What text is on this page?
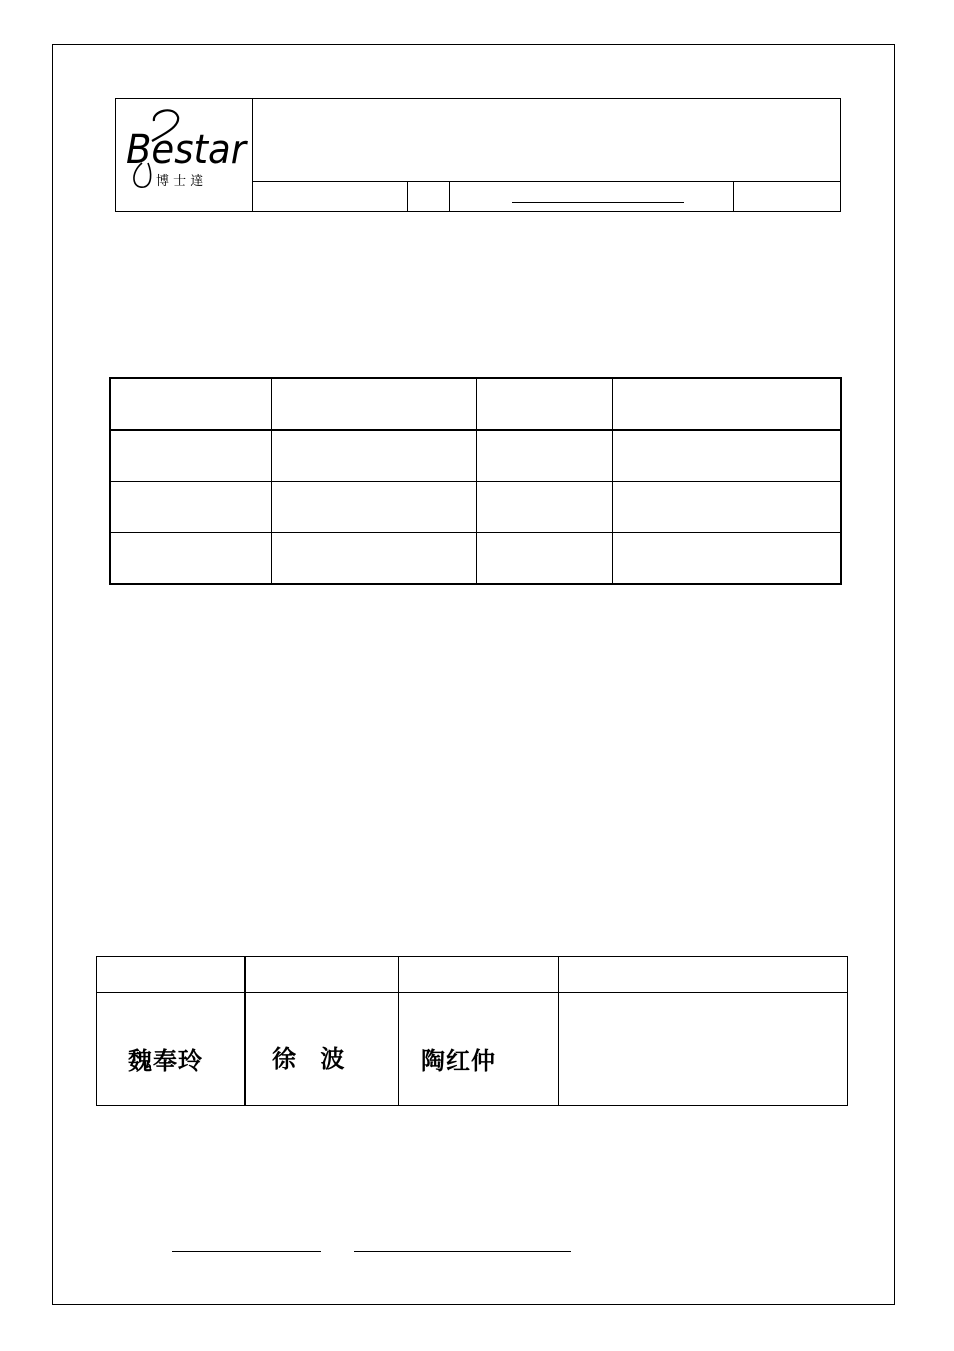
Bestar
博 士 達

魏奉玲	徐 波	陶红仲
